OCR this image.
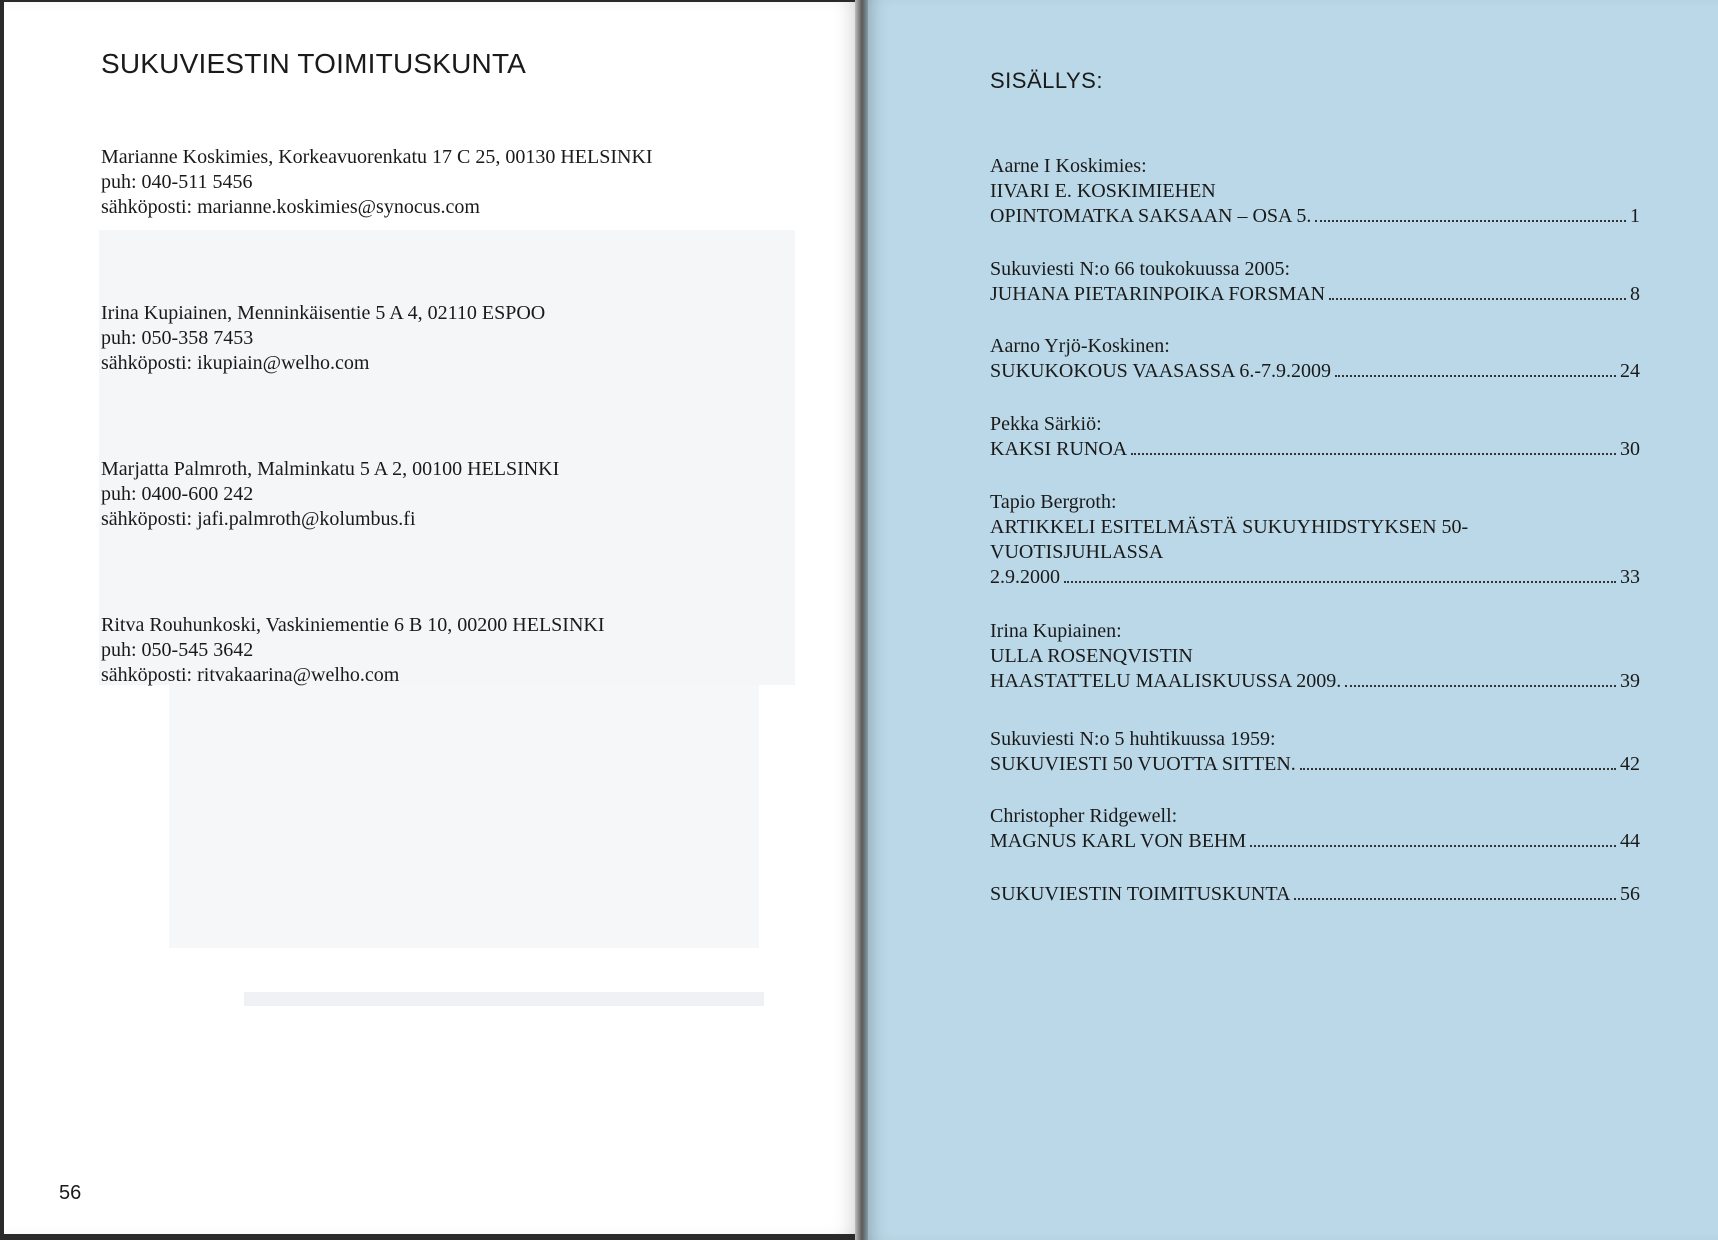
SUKUVIESTIN TOIMITUSKUNTA
Marianne Koskimies, Korkeavuorenkatu 17 C 25, 00130 HELSINKI
puh: 040-511 5456
sähköposti: marianne.koskimies@synocus.com
Irina Kupiainen, Menninkäisentie 5 A 4, 02110 ESPOO
puh: 050-358 7453
sähköposti: ikupiain@welho.com
Marjatta Palmroth, Malminkatu 5 A 2, 00100 HELSINKI
puh: 0400-600 242
sähköposti: jafi.palmroth@kolumbus.fi
Ritva Rouhunkoski, Vaskiniementie 6 B 10, 00200 HELSINKI
puh: 050-545 3642
sähköposti: ritvakaarina@welho.com
56
SISÄLLYS:
Aarne I Koskimies:
IIVARI E. KOSKIMIEHEN
OPINTOMATKA SAKSAAN – OSA 5.	1
Sukuviesti N:o 66 toukokuussa 2005:
JUHANA PIETARINPOIKA FORSMAN	8
Aarno Yrjö-Koskinen:
SUKUKOKOUS VAASASSA 6.-7.9.2009	24
Pekka Särkiö:
KAKSI RUNOA	30
Tapio Bergroth:
ARTIKKELI ESITELMÄSTÄ SUKUYHIDSTYKSEN 50-
VUOTISJUHLASSA
2.9.2000	33
Irina Kupiainen:
ULLA ROSENQVISTIN
HAASTATTELU MAALISKUUSSA 2009.	39
Sukuviesti N:o 5 huhtikuussa 1959:
SUKUVIESTI 50 VUOTTA SITTEN.	42
Christopher Ridgewell:
MAGNUS KARL VON BEHM	44
SUKUVIESTIN TOIMITUSKUNTA	56
